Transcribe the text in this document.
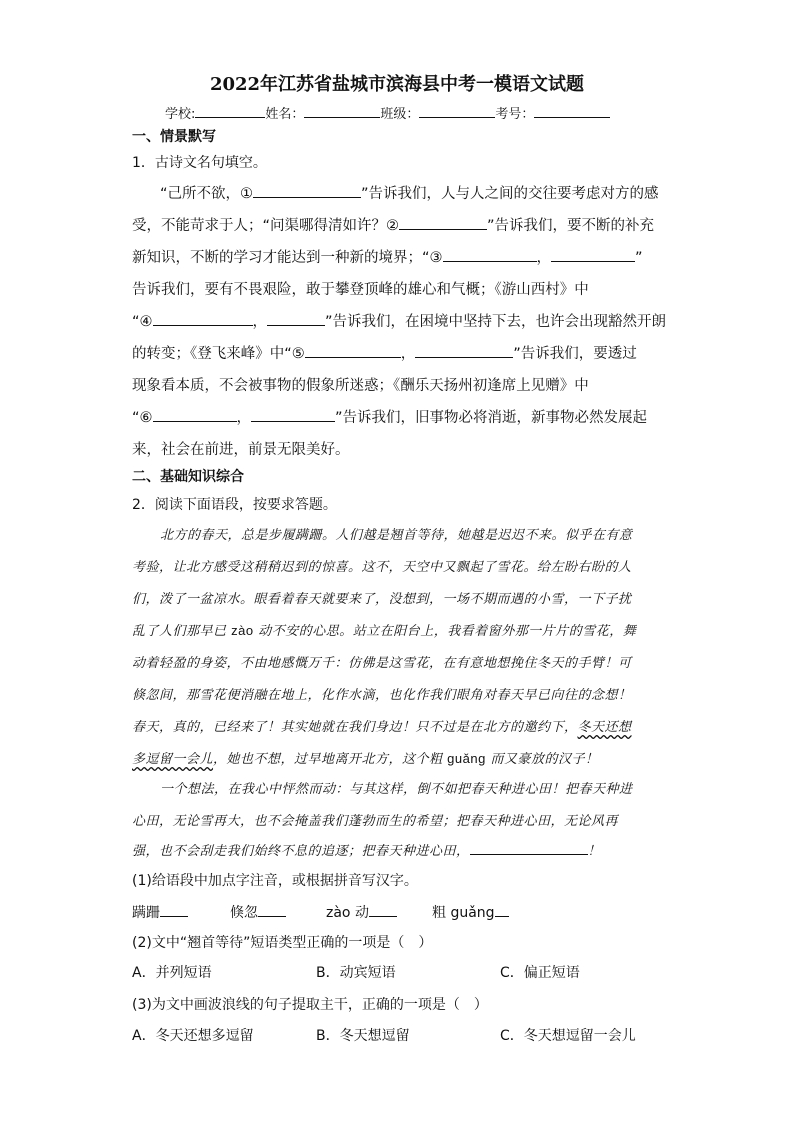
2022年江苏省盐城市滨海县中考一模语文试题
学校:	姓名：	班级：	考号：
一、情景默写
1．古诗文名句填空。
“己所不欲，①	”告诉我们，人与人之间的交往要考虑对方的感
受，不能苛求于人；“问渠哪得清如许？②	”告诉我们，要不断的补充
新知识，不断的学习才能达到一种新的境界；“③	，	”
告诉我们，要有不畏艰险，敢于攀登顶峰的雄心和气概；《游山西村》中
“④	，	”告诉我们，在困境中坚持下去，也许会出现豁然开朗
的转变；《登飞来峰》中“⑤	，	”告诉我们，要透过
现象看本质，不会被事物的假象所迷惑；《酬乐天扬州初逢席上见赠》中
“⑥	，	”告诉我们，旧事物必将消逝，新事物必然发展起
来，社会在前进，前景无限美好。
二、基础知识综合
2．阅读下面语段，按要求答题。
北方的春天，总是步履蹒跚。人们越是翘首等待，她越是迟迟不来。似乎在有意
考验，让北方感受这稍稍迟到的惊喜。这不，天空中又飘起了雪花。给左盼右盼的人
们，泼了一盆凉水。眼看着春天就要来了，没想到，一场不期而遇的小雪，一下子扰
乱了人们那早已 zào 动不安的心思。站立在阳台上，我看着窗外那一片片的雪花，舞
动着轻盈的身姿，不由地感慨万千：仿佛是这雪花，在有意地想挽住冬天的手臂！可
倏忽间，那雪花便消融在地上，化作水滴，也化作我们眼角对春天早已向往的念想！
春天，真的，已经来了！其实她就在我们身边！只不过是在北方的邀约下，冬天还想
多逗留一会儿，她也不想，过早地离开北方，这个粗 guǎng 而又豪放的汉子！
一个想法，在我心中怦然而动：与其这样，倒不如把春天种进心田！把春天种进
心田，无论雪再大，也不会掩盖我们蓬勃而生的希望；把春天种进心田，无论风再
强，也不会刮走我们始终不息的追逐；把春天种进心田，	！
(1)给语段中加点字注音，或根据拼音写汉字。
蹒跚	倏忽	zào 动	粗 guǎng
(2)文中“翘首等待”短语类型正确的一项是（　）
A．并列短语	B．动宾短语	C．偏正短语
(3)为文中画波浪线的句子提取主干，正确的一项是（　）
A．冬天还想多逗留	B．冬天想逗留	C．冬天想逗留一会儿
